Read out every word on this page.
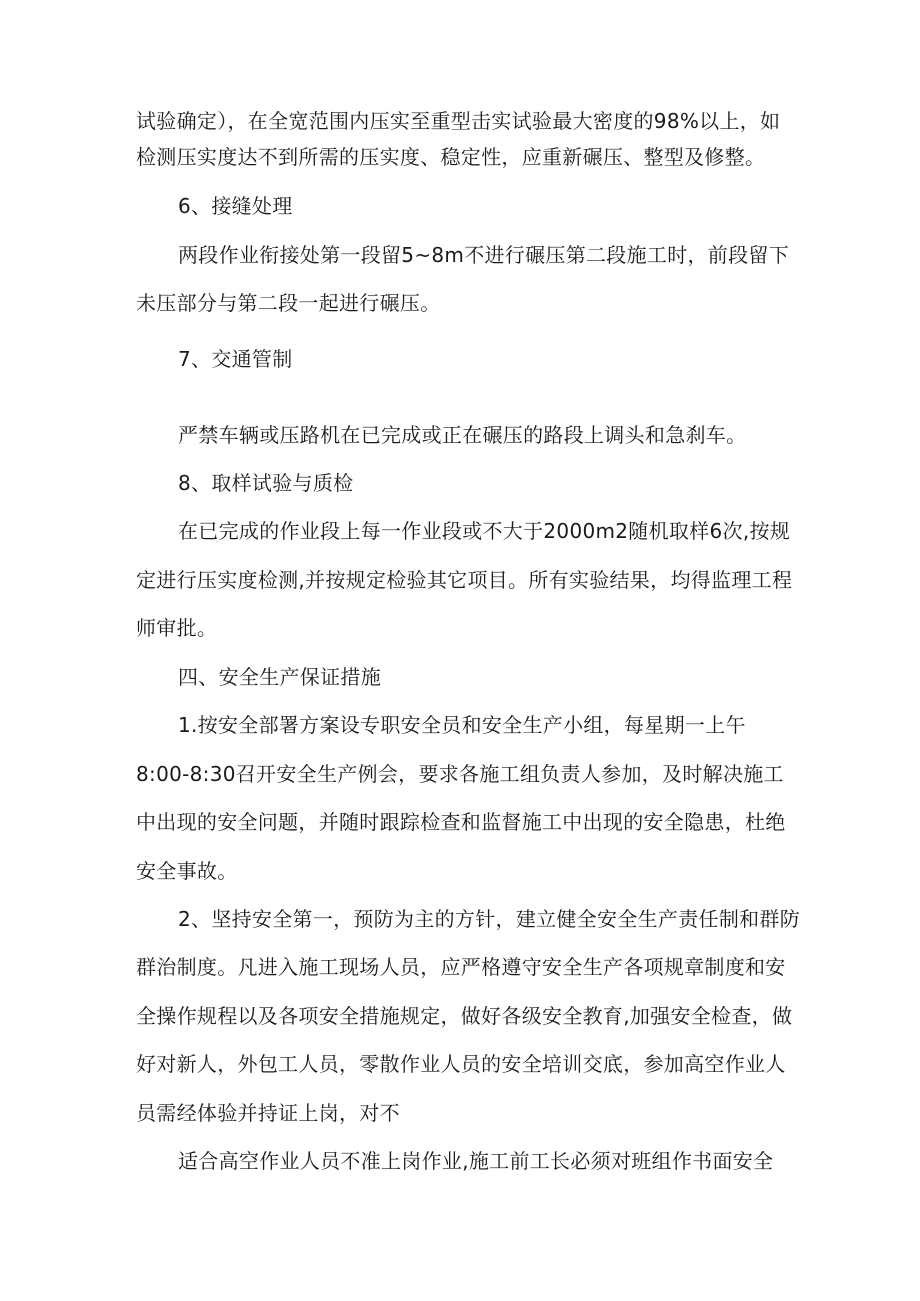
试验确定），在全宽范围内压实至重型击实试验最大密度的98%以上，如
检测压实度达不到所需的压实度、稳定性，应重新碾压、整型及修整。
6、接缝处理
两段作业衔接处第一段留5~8m不进行碾压第二段施工时，前段留下
未压部分与第二段一起进行碾压。
7、交通管制
严禁车辆或压路机在已完成或正在碾压的路段上调头和急刹车。
8、取样试验与质检
在已完成的作业段上每一作业段或不大于2000m2随机取样6次,按规
定进行压实度检测,并按规定检验其它项目。所有实验结果，均得监理工程
师审批。
四、安全生产保证措施
1.按安全部署方案设专职安全员和安全生产小组，每星期一上午
8:00-8:30召开安全生产例会，要求各施工组负责人参加，及时解决施工
中出现的安全问题，并随时跟踪检查和监督施工中出现的安全隐患，杜绝
安全事故。
2、坚持安全第一，预防为主的方针，建立健全安全生产责任制和群防
群治制度。凡进入施工现场人员，应严格遵守安全生产各项规章制度和安
全操作规程以及各项安全措施规定，做好各级安全教育,加强安全检查，做
好对新人，外包工人员，零散作业人员的安全培训交底，参加高空作业人
员需经体验并持证上岗，对不
适合高空作业人员不准上岗作业,施工前工长必须对班组作书面安全
